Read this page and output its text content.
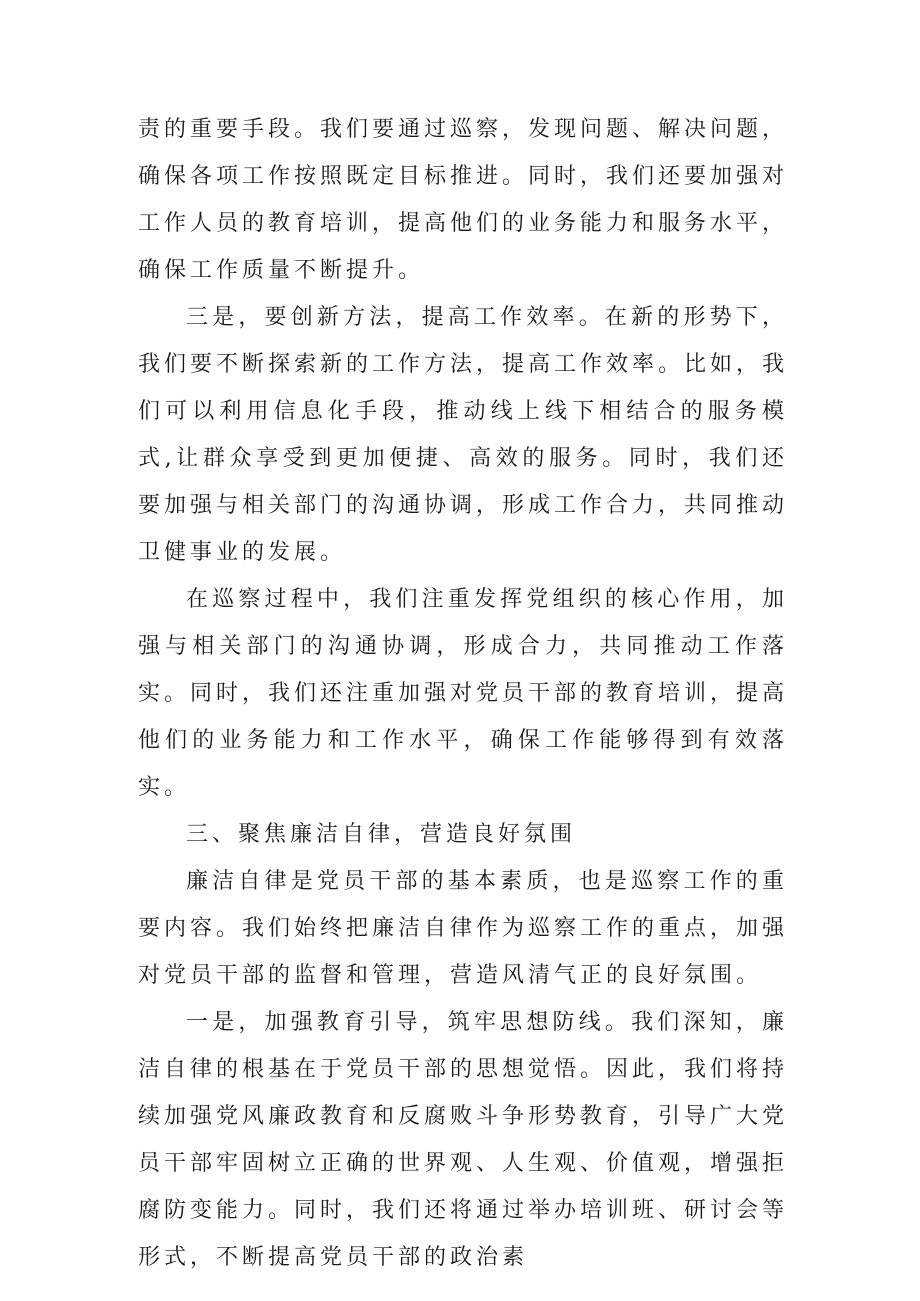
责的重要手段。我们要通过巡察，发现问题、解决问题，确保各项工作按照既定目标推进。同时，我们还要加强对工作人员的教育培训，提高他们的业务能力和服务水平，确保工作质量不断提升。

三是，要创新方法，提高工作效率。在新的形势下，我们要不断探索新的工作方法，提高工作效率。比如，我们可以利用信息化手段，推动线上线下相结合的服务模式,让群众享受到更加便捷、高效的服务。同时，我们还要加强与相关部门的沟通协调，形成工作合力，共同推动卫健事业的发展。

在巡察过程中，我们注重发挥党组织的核心作用，加强与相关部门的沟通协调，形成合力，共同推动工作落实。同时，我们还注重加强对党员干部的教育培训，提高他们的业务能力和工作水平，确保工作能够得到有效落实。

三、聚焦廉洁自律，营造良好氛围

廉洁自律是党员干部的基本素质，也是巡察工作的重要内容。我们始终把廉洁自律作为巡察工作的重点，加强对党员干部的监督和管理，营造风清气正的良好氛围。

一是，加强教育引导，筑牢思想防线。我们深知，廉洁自律的根基在于党员干部的思想觉悟。因此，我们将持续加强党风廉政教育和反腐败斗争形势教育，引导广大党员干部牢固树立正确的世界观、人生观、价值观，增强拒腐防变能力。同时，我们还将通过举办培训班、研讨会等形式，不断提高党员干部的政治素
